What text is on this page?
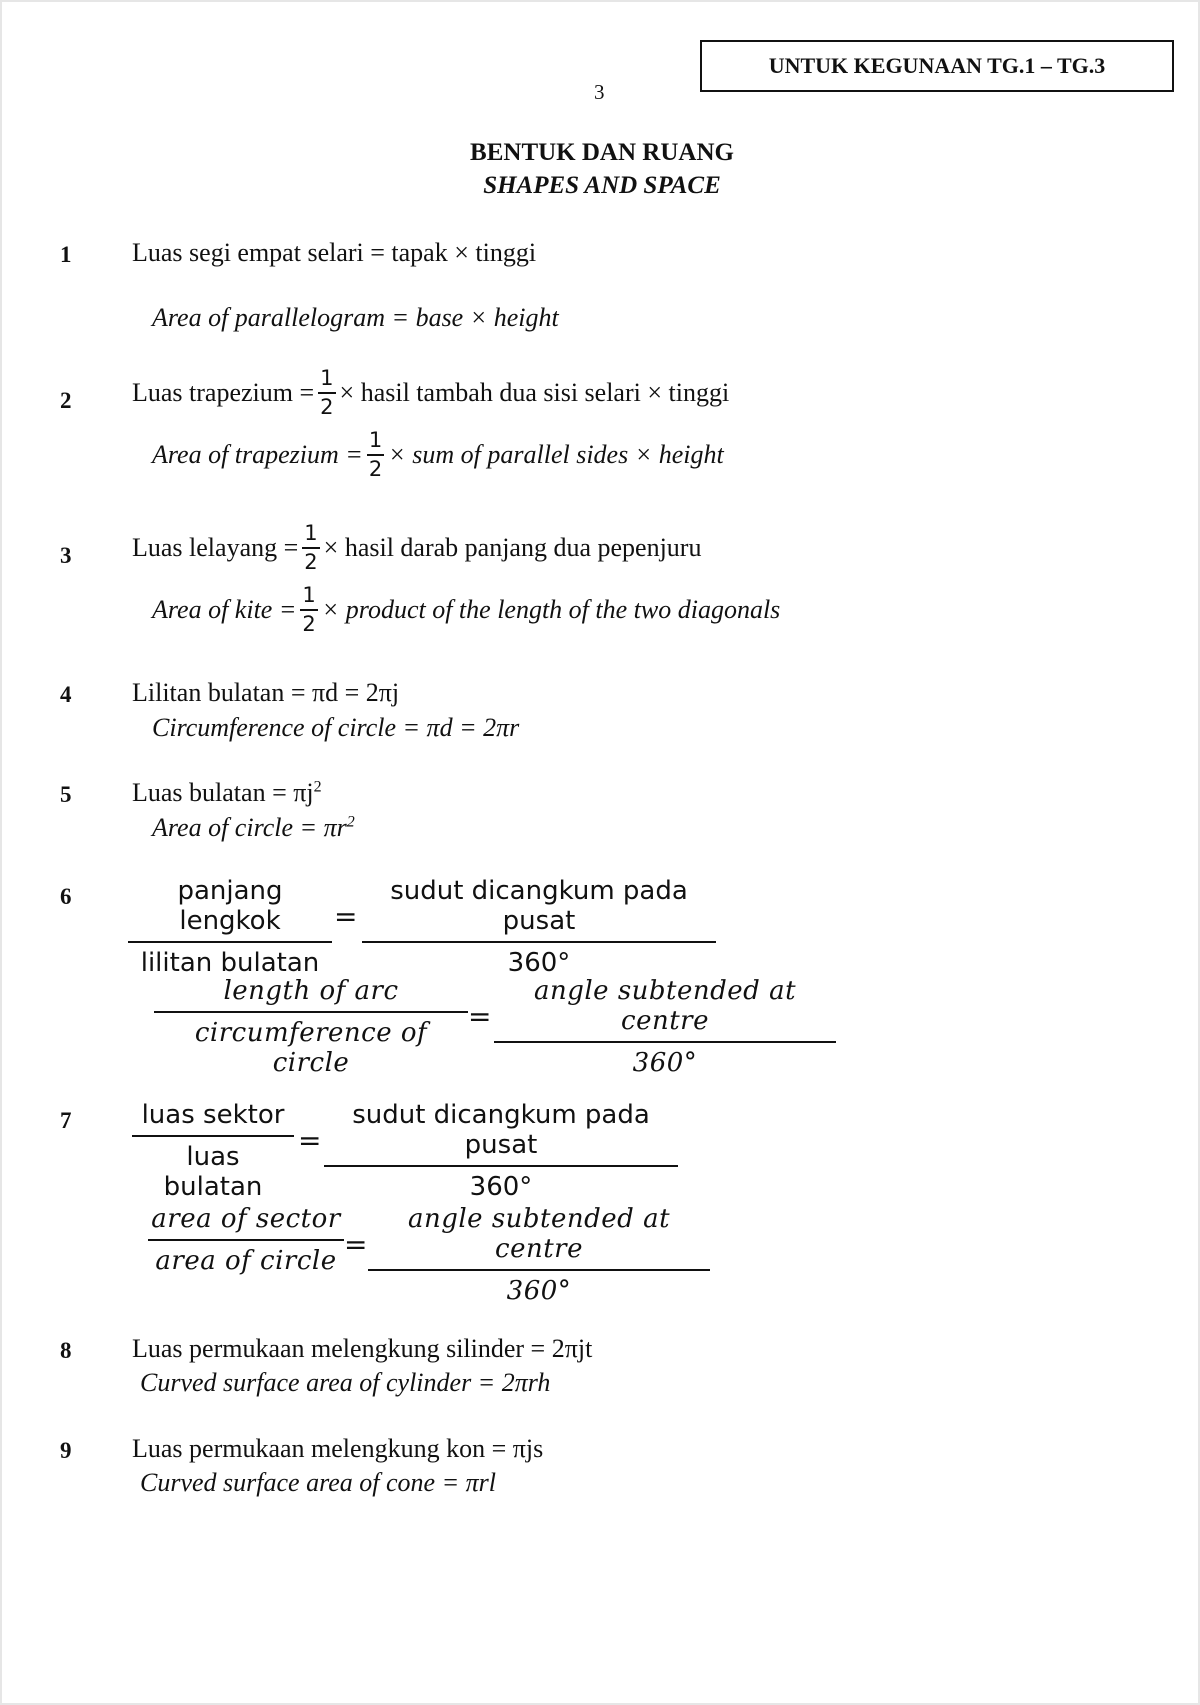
UNTUK KEGUNAAN TG.1 – TG.3
3
BENTUK DAN RUANG
SHAPES AND SPACE
1 Luas segi empat selari = tapak × tinggi
Area of parallelogram = base × height
2 Luas trapezium = $\frac{1}{2}$ × hasil tambah dua sisi selari × tinggi
Area of trapezium = $\frac{1}{2}$ × sum of parallel sides × height
3 Luas lelayang = $\frac{1}{2}$ × hasil darab panjang dua pepenjuru
Area of kite = $\frac{1}{2}$ × product of the length of the two diagonals
4 Lilitan bulatan = πd = 2πj
Circumference of circle = πd = 2πr
5 Luas bulatan = $\pi j^2$
Area of circle = $\pi r^2$
6	panjang lengkok
lilitan bulatan
=
sudut dicangkum pada pusat
360°
length of arc
circumference of circle
=
angle subtended at centre
360°
7	luas sektor
luas bulatan
=
sudut dicangkum pada pusat
360°
area of sector
area of circle =
angle subtended at centre
360°
8 Luas permukaan melengkung silinder = 2πjt
Curved surface area of cylinder = 2πrh
9 Luas permukaan melengkung kon = πjs
Curved surface area of cone = πrl
